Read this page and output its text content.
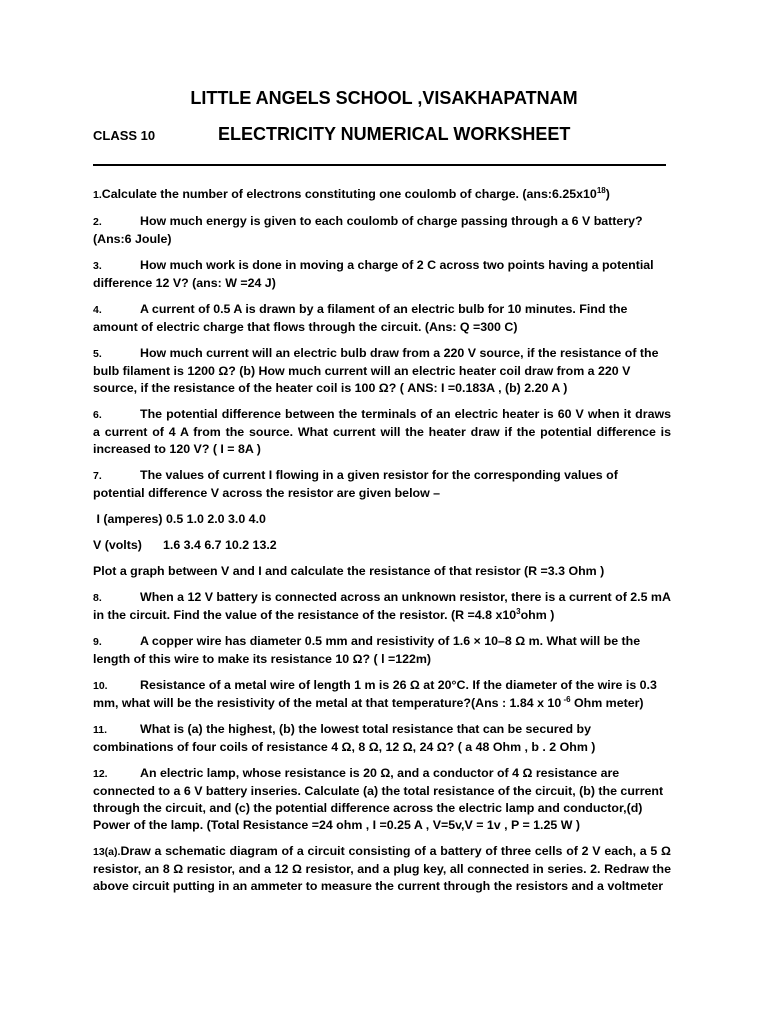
LITTLE ANGELS SCHOOL ,VISAKHAPATNAM
CLASS 10	ELECTRICITY NUMERICAL WORKSHEET

1.Calculate the number of electrons constituting one coulomb of charge. $(ans:6.25x10^{18})$

2.	How much energy is given to each coulomb of charge passing through a 6 V battery? (Ans:6 Joule)

3.	How much work is done in moving a charge of 2 C across two points having a potential difference 12 V? (ans: W =24 J)

4.	A current of 0.5 A is drawn by a filament of an electric bulb for 10 minutes. Find the amount of electric charge that flows through the circuit. (Ans: Q =300 C)

5.	How much current will an electric bulb draw from a 220 V source, if the resistance of the bulb filament is 1200 Ω? (b) How much current will an electric heater coil draw from a 220 V source, if the resistance of the heater coil is 100 Ω? ( ANS: I =0.183A , (b) 2.20 A )

6.	The potential difference between the terminals of an electric heater is 60 V when it draws a current of 4 A from the source. What current will the heater draw if the potential difference is increased to 120 V? ( I = 8A )

7.	The values of current I flowing in a given resistor for the corresponding values of potential difference V across the resistor are given below –

I (amperes) 0.5 1.0 2.0 3.0 4.0

V (volts) 1.6 3.4 6.7 10.2 13.2

Plot a graph between V and I and calculate the resistance of that resistor (R =3.3 Ohm )

8.	When a 12 V battery is connected across an unknown resistor, there is a current of 2.5 mA in the circuit. Find the value of the resistance of the resistor. (R =4.8 $x10^3ohm$ )

9.	A copper wire has diameter 0.5 mm and resistivity of 1.6 × 10–8 Ω m. What will be the length of this wire to make its resistance 10 Ω? ( l =122m)

10.	Resistance of a metal wire of length 1 m is 26 Ω at 20°C. If the diameter of the wire is 0.3 mm, what will be the resistivity of the metal at that temperature?(Ans : 1.84 x 10 $^{-6}$ Ohm meter)

11.	What is (a) the highest, (b) the lowest total resistance that can be secured by combinations of four coils of resistance 4 Ω, 8 Ω, 12 Ω, 24 Ω? ( a 48 Ohm , b . 2 Ohm )

12.	An electric lamp, whose resistance is 20 Ω, and a conductor of 4 Ω resistance are connected to a 6 V battery inseries. Calculate (a) the total resistance of the circuit, (b) the current through the circuit, and (c) the potential difference across the electric lamp and conductor,(d) Power of the lamp. (Total Resistance =24 ohm , I =0.25 A , V=5v,V = 1v , P = 1.25 W )

13(a).Draw a schematic diagram of a circuit consisting of a battery of three cells of 2 V each, a 5 Ω resistor, an 8 Ω resistor, and a 12 Ω resistor, and a plug key, all connected in series. 2. Redraw the above circuit putting in an ammeter to measure the current through the resistors and a voltmeter
